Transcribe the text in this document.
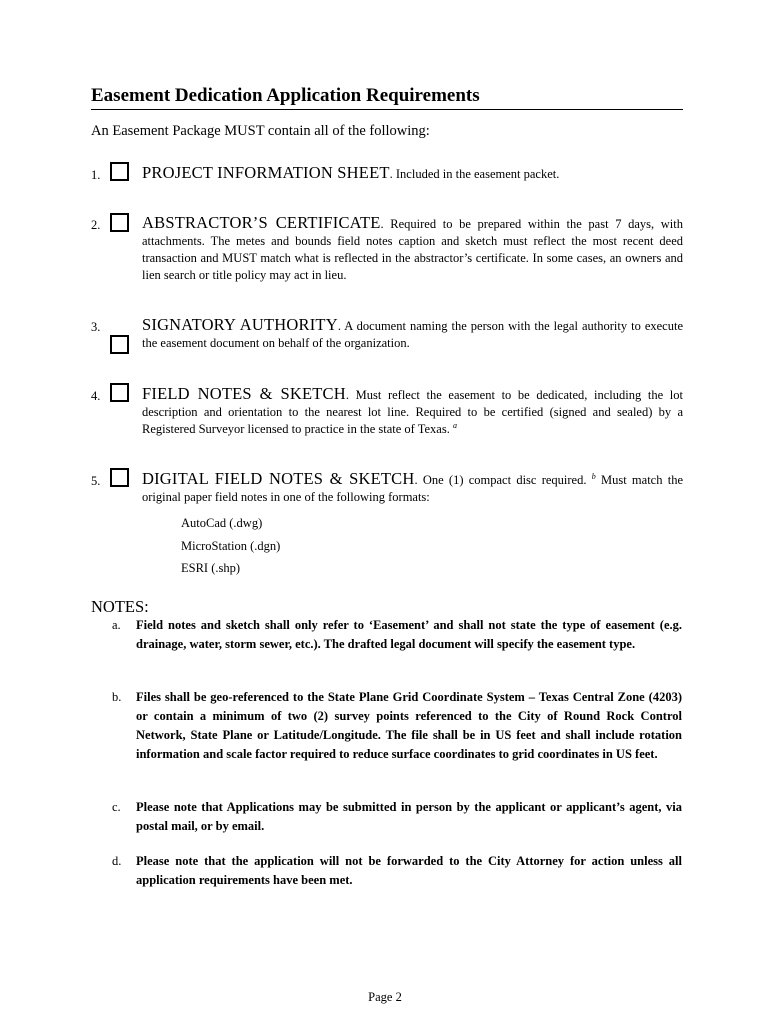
Easement Dedication Application Requirements
An Easement Package MUST contain all of the following:
1.	PROJECT INFORMATION SHEET. Included in the easement packet.
2.	ABSTRACTOR’S CERTIFICATE. Required to be prepared within the past 7 days, with attachments. The metes and bounds field notes caption and sketch must reflect the most recent deed transaction and MUST match what is reflected in the abstractor’s certificate. In some cases, an owners and lien search or title policy may act in lieu.
3.	SIGNATORY AUTHORITY. A document naming the person with the legal authority to execute the easement document on behalf of the organization.
4.	FIELD NOTES & SKETCH. Must reflect the easement to be dedicated, including the lot description and orientation to the nearest lot line. Required to be certified (signed and sealed) by a Registered Surveyor licensed to practice in the state of Texas. $^a$
5.	DIGITAL FIELD NOTES & SKETCH. One (1) compact disc required. $^b$ Must match the original paper field notes in one of the following formats:
AutoCad (.dwg)
MicroStation (.dgn)
ESRI (.shp)
NOTES:
a. Field notes and sketch shall only refer to ‘Easement’ and shall not state the type of easement (e.g. drainage, water, storm sewer, etc.). The drafted legal document will specify the easement type.
b. Files shall be geo-referenced to the State Plane Grid Coordinate System – Texas Central Zone (4203) or contain a minimum of two (2) survey points referenced to the City of Round Rock Control Network, State Plane or Latitude/Longitude. The file shall be in US feet and shall include rotation information and scale factor required to reduce surface coordinates to grid coordinates in US feet.
c. Please note that Applications may be submitted in person by the applicant or applicant’s agent, via postal mail, or by email.
d. Please note that the application will not be forwarded to the City Attorney for action unless all application requirements have been met.
Page 2
